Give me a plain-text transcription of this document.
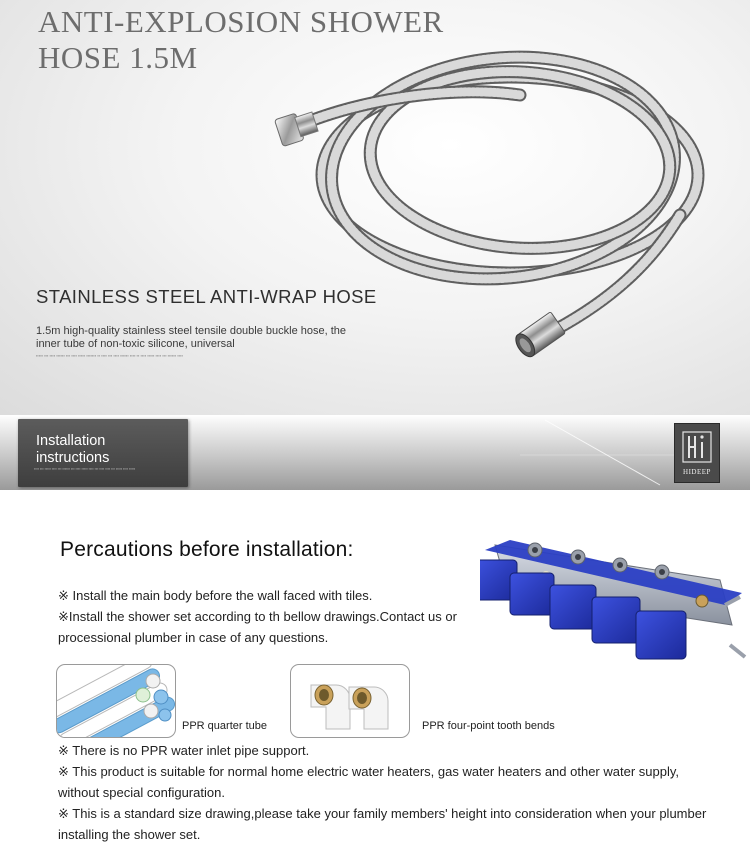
ANTI-EXPLOSION SHOWER
HOSE 1.5M
STAINLESS STEEL ANTI-WRAP HOSE
1.5m high-quality stainless steel tensile double buckle hose, the inner tube of non-toxic silicone, universal
​▪▪▪▪▪ ▪▪▪ ▪▪▪▪ ▪▪▪▪▪▪ ▪▪▪ ▪▪▪▪ ▪▪▪▪▪ ▪▪▪▪▪▪▪ ▪▪ ▪▪▪▪ ▪▪▪ ▪▪▪▪ ▪▪▪▪▪▪ ▪▪▪▪ ▪▪ ▪▪▪▪ ▪▪▪▪▪ ▪▪▪▪ ▪▪▪ ▪▪▪▪▪▪ ▪▪▪▪
Installation
instructions
​▪▪▪▪ ▪▪▪ ▪▪▪▪▪ ▪▪▪▪ ▪▪▪ ▪▪▪▪▪▪ ▪▪▪ ▪▪▪▪ ▪▪▪▪▪ ▪▪▪▪ ▪▪▪ ▪▪▪▪ ▪▪▪▪ ▪▪▪ ▪▪▪▪▪ ▪▪▪▪ ▪▪▪▪▪	HIDEEP
Percautions before installation:
※ Install the main body before the wall faced with tiles.
※Install the shower set according to th bellow drawings.Contact us or processional plumber in case of any questions.
PPR quarter tube	PPR four-point tooth bends
※ There is no PPR water inlet pipe support.
※ This product is suitable for normal home electric water heaters, gas water heaters and other water supply, without special configuration.
※ This is a standard size drawing,please take your family members' height into consideration when your plumber installing the shower set.
